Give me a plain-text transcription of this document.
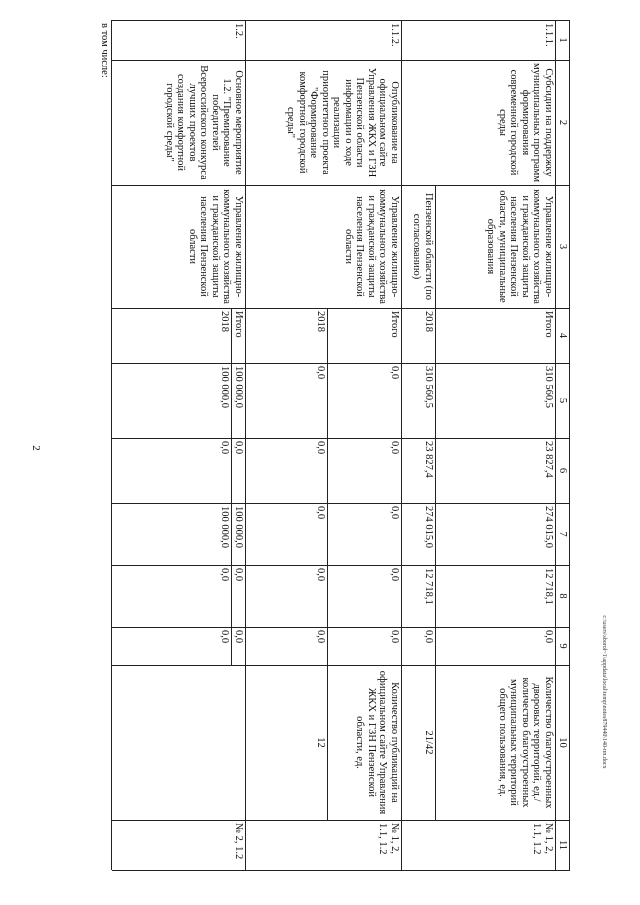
2
c:\users\sborol~1\appdata\local\temp\notes879440\140-пп.docx
1
2
3
4
5
6
7
8
9
10
11
1.1.1.
Субсидии на поддержку муниципальных программ формирования современной городской среды
Управление жилищно-коммунального хозяйства и гражданской защиты населения Пензенской области, муниципальные образования
Пензенской области (по согласованию)
Итого
310 560,5
23 827,4
274 015,0
12 718,1
0,0
2018
310 560,5
23 827,4
274 015,0
12 718,1
0,0
Количество благоустроенных дворовых территорий, ед./количество благоустроенных муниципальных территорий общего пользования, ед.
21/42
№ 1, 2, 1.1, 1.2
1.1.2.
Опубликование на официальном сайте Управления ЖКХ и ГЗН Пензенской области информации о ходе реализации приоритетного проекта "Формирование комфортной городской среды"
Управление жилищно-коммунального хозяйства и гражданской защиты населения Пензенской области
Итого
0,0
0,0
0,0
0,0
0,0
2018
0,0
0,0
0,0
0,0
0,0
Количество публикаций на официальном сайте Управления ЖКХ и ГЗН Пензенской области, ед.
12
№ 1, 2, 1.1, 1.2
1.2.
Основное мероприятие 1.2. "Премирование победителей Всероссийского конкурса лучших проектов создания комфортной городской среды"
Управление жилищно-коммунального хозяйства и гражданской защиты населения Пензенской области
Итого
100 000,0
0,0
100 000,0
0,0
0,0
2018
100 000,0
0,0
100 000,0
0,0
0,0
№ 2, 1.2
в том числе:
